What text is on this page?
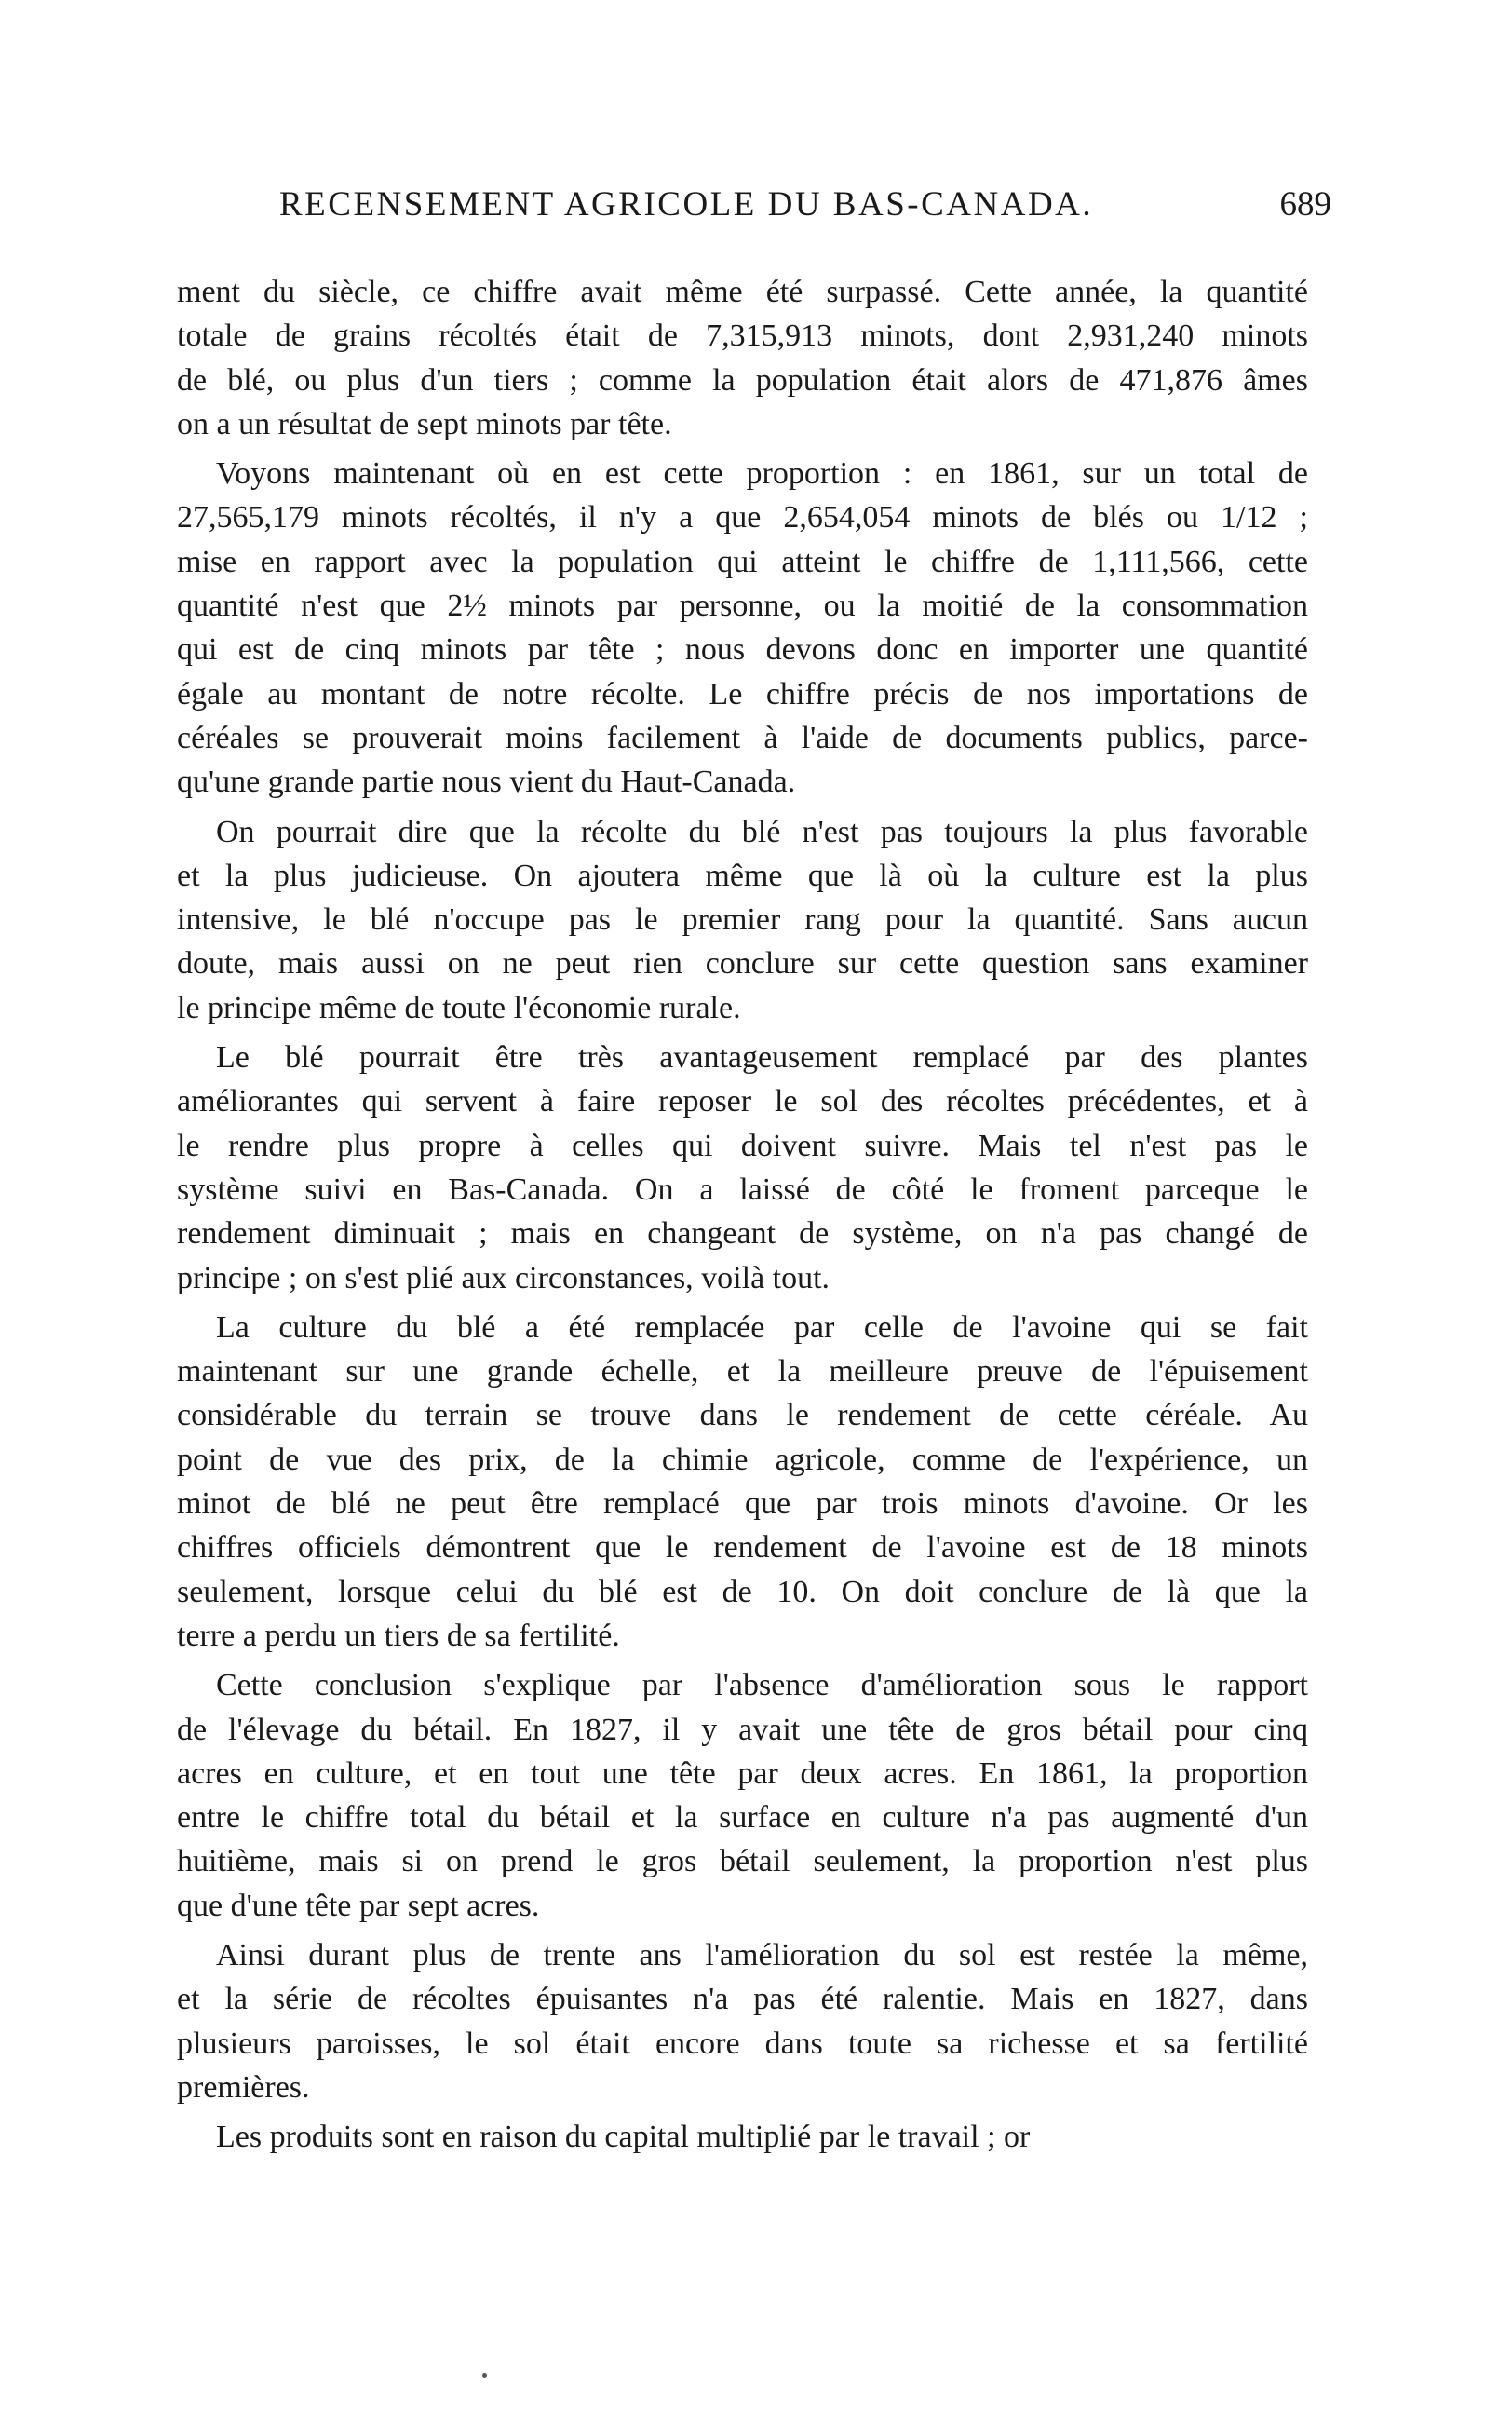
RECENSEMENT AGRICOLE DU BAS-CANADA.	689
ment du siècle, ce chiffre avait même été surpassé. Cette année, la quantité
totale de grains récoltés était de 7,315,913 minots, dont 2,931,240 minots
de blé, ou plus d'un tiers ; comme la population était alors de 471,876 âmes
on a un résultat de sept minots par tête.
Voyons maintenant où en est cette proportion : en 1861, sur un total de
27,565,179 minots récoltés, il n'y a que 2,654,054 minots de blés ou 1/12 ;
mise en rapport avec la population qui atteint le chiffre de 1,111,566, cette
quantité n'est que 2½ minots par personne, ou la moitié de la consommation
qui est de cinq minots par tête ; nous devons donc en importer une quantité
égale au montant de notre récolte. Le chiffre précis de nos importations de
céréales se prouverait moins facilement à l'aide de documents publics, parce-
qu'une grande partie nous vient du Haut-Canada.
On pourrait dire que la récolte du blé n'est pas toujours la plus favorable
et la plus judicieuse. On ajoutera même que là où la culture est la plus
intensive, le blé n'occupe pas le premier rang pour la quantité. Sans aucun
doute, mais aussi on ne peut rien conclure sur cette question sans examiner
le principe même de toute l'économie rurale.
Le blé pourrait être très avantageusement remplacé par des plantes
améliorantes qui servent à faire reposer le sol des récoltes précédentes, et à
le rendre plus propre à celles qui doivent suivre. Mais tel n'est pas le
système suivi en Bas-Canada. On a laissé de côté le froment parceque le
rendement diminuait ; mais en changeant de système, on n'a pas changé de
principe ; on s'est plié aux circonstances, voilà tout.
La culture du blé a été remplacée par celle de l'avoine qui se fait
maintenant sur une grande échelle, et la meilleure preuve de l'épuisement
considérable du terrain se trouve dans le rendement de cette céréale. Au
point de vue des prix, de la chimie agricole, comme de l'expérience, un
minot de blé ne peut être remplacé que par trois minots d'avoine. Or les
chiffres officiels démontrent que le rendement de l'avoine est de 18 minots
seulement, lorsque celui du blé est de 10. On doit conclure de là que la
terre a perdu un tiers de sa fertilité.
Cette conclusion s'explique par l'absence d'amélioration sous le rapport
de l'élevage du bétail. En 1827, il y avait une tête de gros bétail pour cinq
acres en culture, et en tout une tête par deux acres. En 1861, la proportion
entre le chiffre total du bétail et la surface en culture n'a pas augmenté d'un
huitième, mais si on prend le gros bétail seulement, la proportion n'est plus
que d'une tête par sept acres.
Ainsi durant plus de trente ans l'amélioration du sol est restée la même,
et la série de récoltes épuisantes n'a pas été ralentie. Mais en 1827, dans
plusieurs paroisses, le sol était encore dans toute sa richesse et sa fertilité
premières.
Les produits sont en raison du capital multiplié par le travail ; or
